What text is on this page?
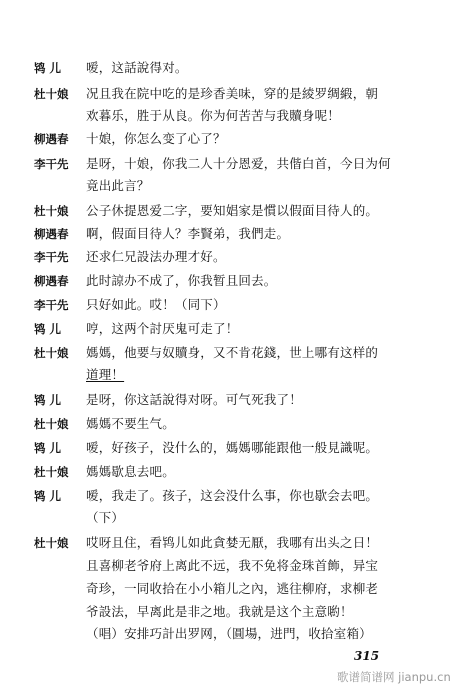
鸨 儿	嗳，这話說得对。
杜十娘	况且我在院中吃的是珍香美味，穿的是綾罗绸緞，朝
欢暮乐，胜于从良。你为何苦苦与我贖身呢！
柳遇春	十娘，你怎么变了心了？
李干先	是呀，十娘，你我二人十分恩爱，共偕白首，今日为何
竟出此言？
杜十娘	公子休提恩爱二字，要知娼家是慣以假面目待人的。
柳遇春	啊，假面目待人？李賢弟，我們走。
李干先	还求仁兄設法办理才好。
柳遇春	此时諒办不成了，你我暂且回去。
李干先	只好如此。哎！（同下）
鸨 儿	哼，这两个討厌鬼可走了！
杜十娘	媽媽，他要与奴贖身，又不肯花錢，世上哪有这样的
道理！
鸨 儿	是呀，你这話說得对呀。可气死我了！
杜十娘	媽媽不要生气。
鸨 儿	嗳，好孩子，没什么的，媽媽哪能跟他一般見識呢。
杜十娘	媽媽歇息去吧。
鸨 儿	嗳，我走了。孩子，这会没什么事，你也歇会去吧。
（下）
杜十娘	哎呀且住，看鸨儿如此貪婪无厭，我哪有出头之日！
且喜柳老爷府上离此不远，我不免将金珠首飾，异宝
奇珍，一同收拾在小小箱儿之內，逃往柳府，求柳老
爷設法，早离此是非之地。我就是这个主意喲！
（唱）安排巧計出罗网，（圓場，进門，收拾室箱）
315
歌谱简谱网 jianpu.cn
